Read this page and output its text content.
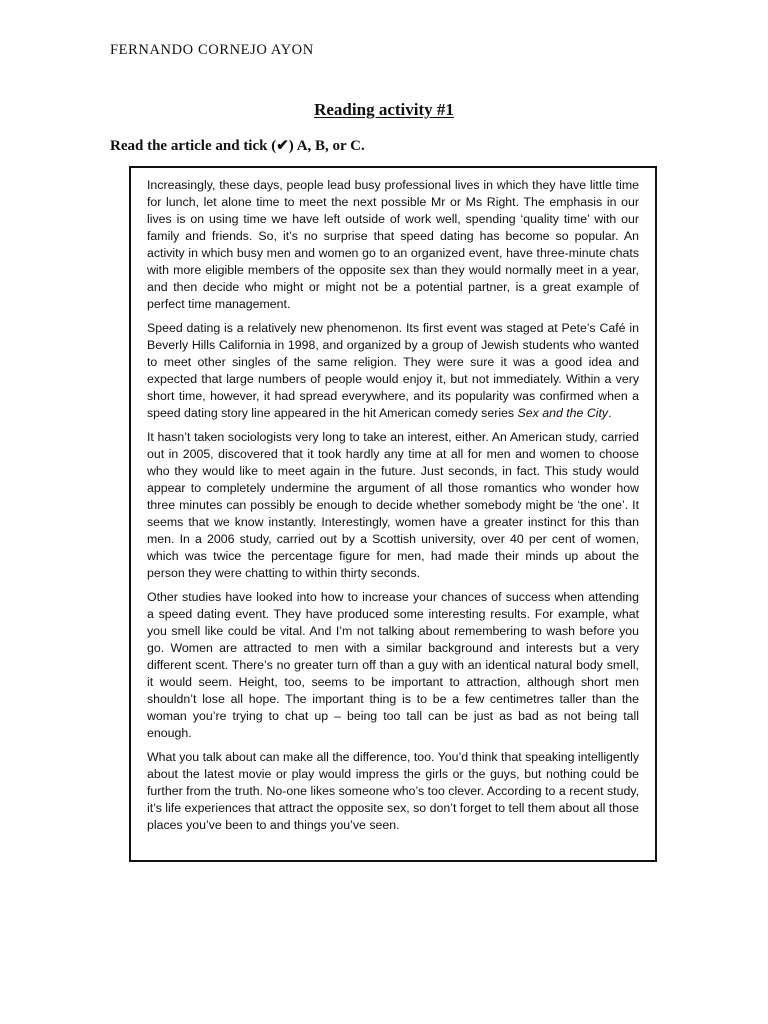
FERNANDO CORNEJO AYON
Reading activity #1
Read the article and tick (✔) A, B, or C.

Increasingly, these days, people lead busy professional lives in which they have little time for lunch, let alone time to meet the next possible Mr or Ms Right. The emphasis in our lives is on using time we have left outside of work well, spending ‘quality time’ with our family and friends. So, it’s no surprise that speed dating has become so popular. An activity in which busy men and women go to an organized event, have three-minute chats with more eligible members of the opposite sex than they would normally meet in a year, and then decide who might or might not be a potential partner, is a great example of perfect time management.

Speed dating is a relatively new phenomenon. Its first event was staged at Pete’s Café in Beverly Hills California in 1998, and organized by a group of Jewish students who wanted to meet other singles of the same religion. They were sure it was a good idea and expected that large numbers of people would enjoy it, but not immediately. Within a very short time, however, it had spread everywhere, and its popularity was confirmed when a speed dating story line appeared in the hit American comedy series Sex and the City.

It hasn’t taken sociologists very long to take an interest, either. An American study, carried out in 2005, discovered that it took hardly any time at all for men and women to choose who they would like to meet again in the future. Just seconds, in fact. This study would appear to completely undermine the argument of all those romantics who wonder how three minutes can possibly be enough to decide whether somebody might be ‘the one’. It seems that we know instantly. Interestingly, women have a greater instinct for this than men. In a 2006 study, carried out by a Scottish university, over 40 per cent of women, which was twice the percentage figure for men, had made their minds up about the person they were chatting to within thirty seconds.

Other studies have looked into how to increase your chances of success when attending a speed dating event. They have produced some interesting results. For example, what you smell like could be vital. And I’m not talking about remembering to wash before you go. Women are attracted to men with a similar background and interests but a very different scent. There’s no greater turn off than a guy with an identical natural body smell, it would seem. Height, too, seems to be important to attraction, although short men shouldn’t lose all hope. The important thing is to be a few centimetres taller than the woman you’re trying to chat up – being too tall can be just as bad as not being tall enough.

What you talk about can make all the difference, too. You’d think that speaking intelligently about the latest movie or play would impress the girls or the guys, but nothing could be further from the truth. No-one likes someone who’s too clever. According to a recent study, it’s life experiences that attract the opposite sex, so don’t forget to tell them about all those places you’ve been to and things you’ve seen.
